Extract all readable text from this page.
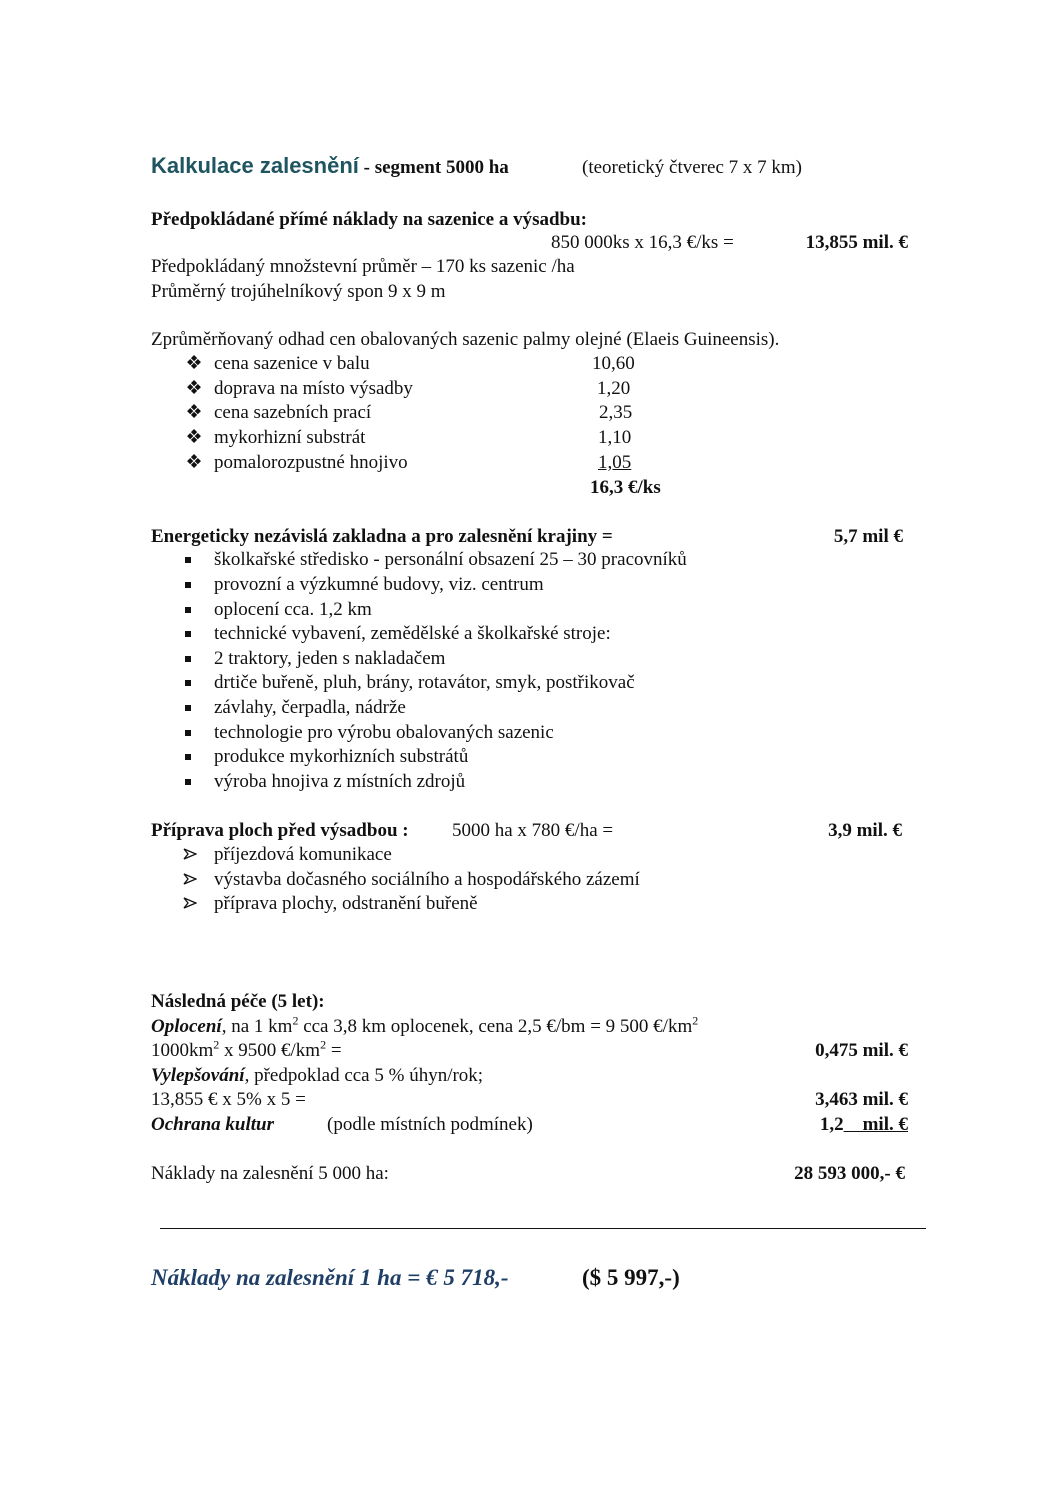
Kalkulace zalesnění - segment 5000 ha	(teoretický čtverec 7 x 7 km)
Předpokládané přímé náklady na sazenice a výsadbu:
850 000ks x 16,3 €/ks =	13,855 mil. €
Předpokládaný množstevní průměr – 170 ks sazenic /ha
Průměrný trojúhelníkový spon 9 x 9 m
Zprůměrňovaný odhad cen obalovaných sazenic palmy olejné (Elaeis Guineensis).
❖ cena sazenice v balu	10,60
❖ doprava na místo výsadby	1,20
❖ cena sazebních prací	2,35
❖ mykorhizní substrát	1,10
❖ pomalorozpustné hnojivo	1,05
16,3 €/ks
Energeticky nezávislá zakladna a pro zalesnění krajiny =	5,7 mil €
školkařské středisko - personální obsazení 25 – 30 pracovníků
provozní a výzkumné budovy, viz. centrum
oplocení cca. 1,2 km
technické vybavení, zemědělské a školkařské stroje:
2 traktory, jeden s nakladačem
drtiče buřeně, pluh, brány, rotavátor, smyk, postřikovač
závlahy, čerpadla, nádrže
technologie pro výrobu obalovaných sazenic
produkce mykorhizních substrátů
výroba hnojiva z místních zdrojů
Příprava ploch před výsadbou : 5000 ha x 780 €/ha =	3,9 mil. €
příjezdová komunikace
výstavba dočasného sociálního a hospodářského zázemí
příprava plochy, odstranění buřeně
Následná péče (5 let):
Oplocení, na 1 $km^2$ cca 3,8 km oplocenek, cena 2,5 €/bm = 9 500 $€/km^2$
$1000km^2$ x 9500 $€/km^2$ =	0,475 mil. €
Vylepšování, předpoklad cca 5 % úhyn/rok;
13,855 € x 5% x 5 =	3,463 mil. €
Ochrana kultur	(podle místních podmínek)	1,2    mil. €
Náklady na zalesnění 5 000 ha:	28 593 000,- €
Náklady na zalesnění 1 ha = € 5 718,-	($ 5 997,-)
